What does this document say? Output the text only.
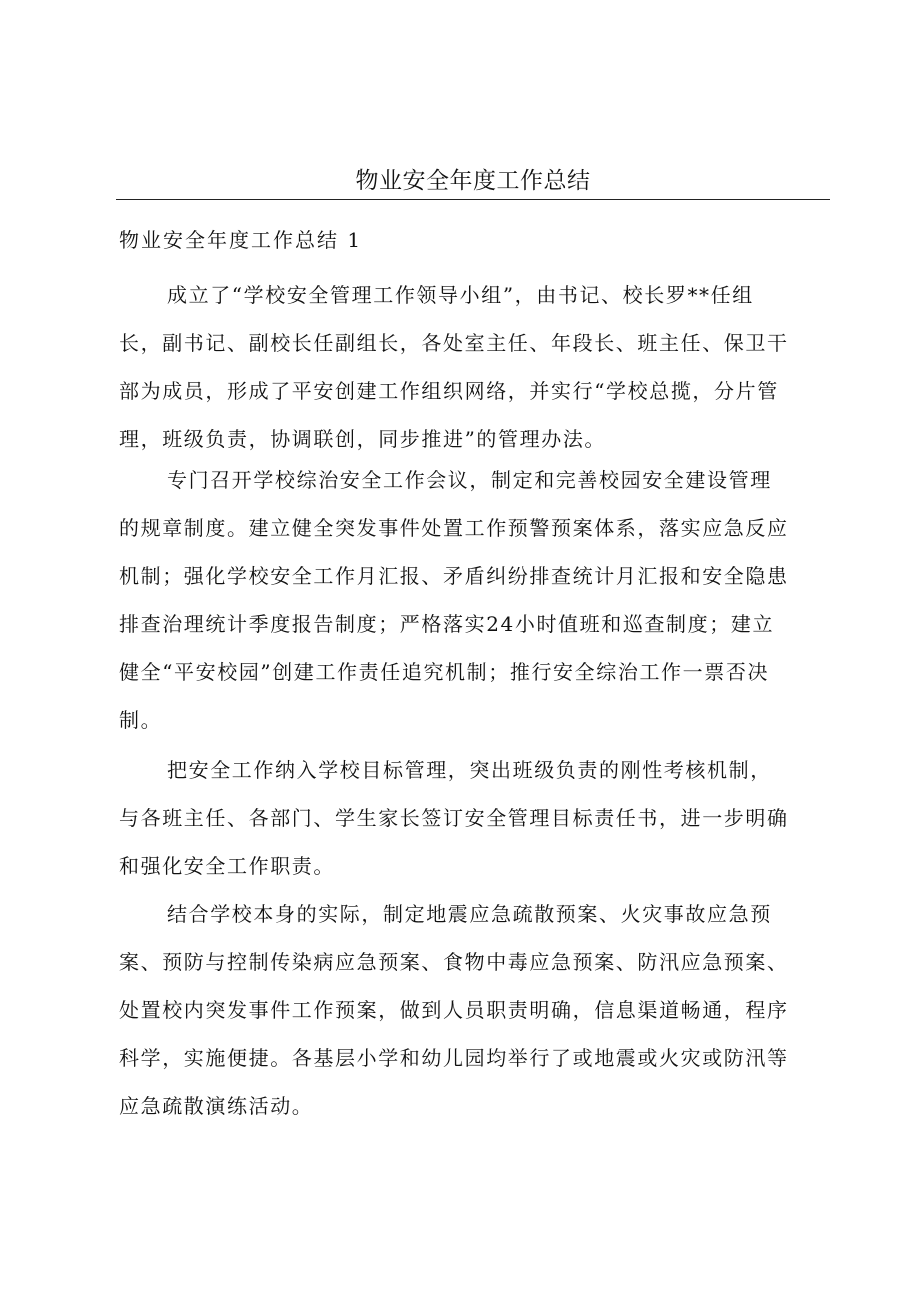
物业安全年度工作总结
物业安全年度工作总结 1

成立了“学校安全管理工作领导小组”，由书记、校长罗**任组
长，副书记、副校长任副组长，各处室主任、年段长、班主任、保卫干
部为成员，形成了平安创建工作组织网络，并实行“学校总揽，分片管
理，班级负责，协调联创，同步推进”的管理办法。

专门召开学校综治安全工作会议，制定和完善校园安全建设管理
的规章制度。建立健全突发事件处置工作预警预案体系，落实应急反应
机制；强化学校安全工作月汇报、矛盾纠纷排查统计月汇报和安全隐患
排查治理统计季度报告制度；严格落实24小时值班和巡查制度；建立
健全“平安校园”创建工作责任追究机制；推行安全综治工作一票否决
制。

把安全工作纳入学校目标管理，突出班级负责的刚性考核机制，
与各班主任、各部门、学生家长签订安全管理目标责任书，进一步明确
和强化安全工作职责。

结合学校本身的实际，制定地震应急疏散预案、火灾事故应急预
案、预防与控制传染病应急预案、食物中毒应急预案、防汛应急预案、
处置校内突发事件工作预案，做到人员职责明确，信息渠道畅通，程序
科学，实施便捷。各基层小学和幼儿园均举行了或地震或火灾或防汛等
应急疏散演练活动。
